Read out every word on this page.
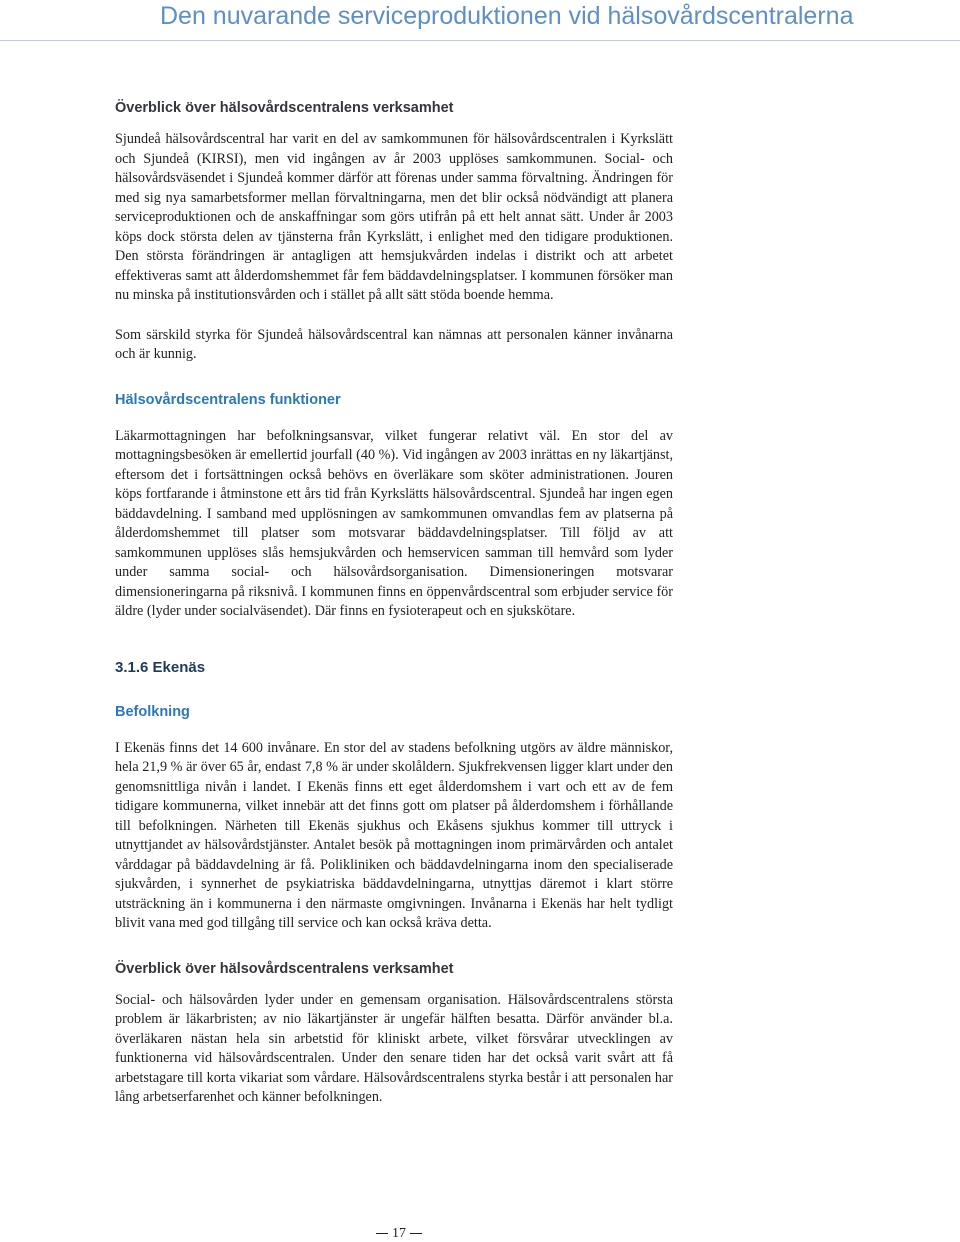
Den nuvarande serviceproduktionen vid hälsovårdscentralerna
Överblick över hälsovårdscentralens verksamhet

Sjundeå hälsovårdscentral har varit en del av samkommunen för hälsovårdscentralen i Kyrkslätt och Sjundeå (KIRSI), men vid ingången av år 2003 upplöses samkommunen. Social- och hälsovårdsväsendet i Sjundeå kommer därför att förenas under samma förvaltning. Ändringen för med sig nya samarbetsformer mellan förvaltningarna, men det blir också nödvändigt att planera serviceproduktionen och de anskaffningar som görs utifrån på ett helt annat sätt. Under år 2003 köps dock största delen av tjänsterna från Kyrkslätt, i enlighet med den tidigare produktionen. Den största förändringen är antagligen att hemsjukvården indelas i distrikt och att arbetet effektiveras samt att ålderdomshemmet får fem bäddavdelningsplatser. I kommunen försöker man nu minska på institutionsvården och i stället på allt sätt stöda boende hemma.

Som särskild styrka för Sjundeå hälsovårdscentral kan nämnas att personalen känner invånarna och är kunnig.

Hälsovårdscentralens funktioner

Läkarmottagningen har befolkningsansvar, vilket fungerar relativt väl. En stor del av mottagningsbesöken är emellertid jourfall (40 %). Vid ingången av 2003 inrättas en ny läkartjänst, eftersom det i fortsättningen också behövs en överläkare som sköter administrationen. Jouren köps fortfarande i åtminstone ett års tid från Kyrkslätts hälsovårdscentral. Sjundeå har ingen egen bäddavdelning. I samband med upplösningen av samkommunen omvandlas fem av platserna på ålderdomshemmet till platser som motsvarar bäddavdelningsplatser. Till följd av att samkommunen upplöses slås hemsjukvården och hemservicen samman till hemvård som lyder under samma social- och hälsovårdsorganisation. Dimensioneringen motsvarar dimensioneringarna på riksnivå. I kommunen finns en öppenvårdscentral som erbjuder service för äldre (lyder under socialväsendet). Där finns en fysioterapeut och en sjukskötare.

3.1.6 Ekenäs
Befolkning

I Ekenäs finns det 14 600 invånare. En stor del av stadens befolkning utgörs av äldre människor, hela 21,9 % är över 65 år, endast 7,8 % är under skolåldern. Sjukfrekvensen ligger klart under den genomsnittliga nivån i landet. I Ekenäs finns ett eget ålderdomshem i vart och ett av de fem tidigare kommunerna, vilket innebär att det finns gott om platser på ålderdomshem i förhållande till befolkningen. Närheten till Ekenäs sjukhus och Ekåsens sjukhus kommer till uttryck i utnyttjandet av hälsovårdstjänster. Antalet besök på mottagningen inom primärvården och antalet vårddagar på bäddavdelning är få. Polikliniken och bäddavdelningarna inom den specialiserade sjukvården, i synnerhet de psykiatriska bäddavdelningarna, utnyttjas däremot i klart större utsträckning än i kommunerna i den närmaste omgivningen. Invånarna i Ekenäs har helt tydligt blivit vana med god tillgång till service och kan också kräva detta.

Överblick över hälsovårdscentralens verksamhet

Social- och hälsovården lyder under en gemensam organisation. Hälsovårdscentralens största problem är läkarbristen; av nio läkartjänster är ungefär hälften besatta. Därför använder bl.a. överläkaren nästan hela sin arbetstid för kliniskt arbete, vilket försvårar utvecklingen av funktionerna vid hälsovårdscentralen. Under den senare tiden har det också varit svårt att få arbetstagare till korta vikariat som vårdare. Hälsovårdscentralens styrka består i att personalen har lång arbetserfarenhet och känner befolkningen.

17
